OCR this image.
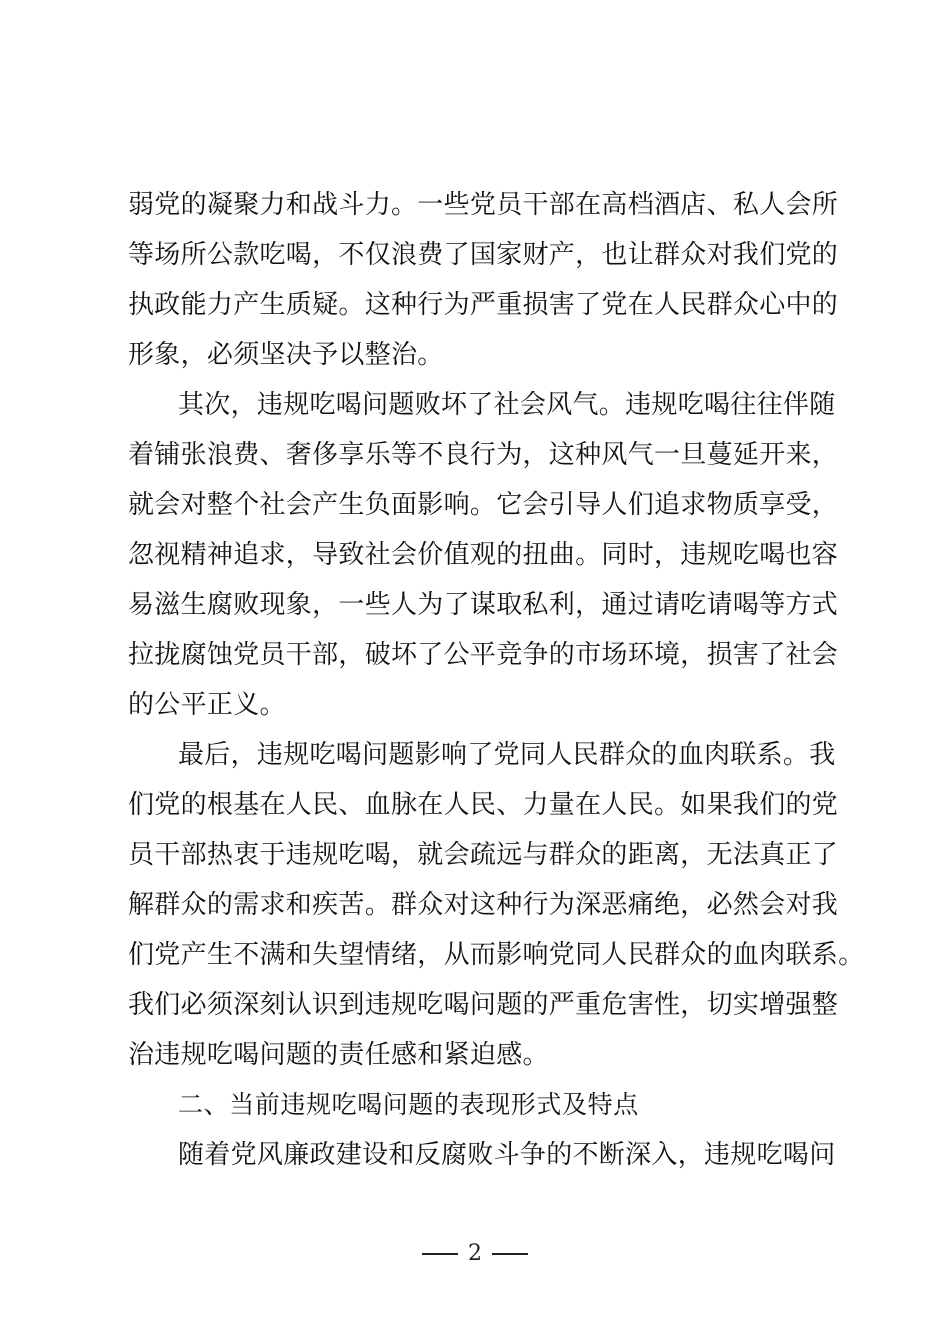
弱党的凝聚力和战斗力。一些党员干部在高档酒店、私人会所
等场所公款吃喝，不仅浪费了国家财产，也让群众对我们党的
执政能力产生质疑。这种行为严重损害了党在人民群众心中的
形象，必须坚决予以整治。
其次，违规吃喝问题败坏了社会风气。违规吃喝往往伴随
着铺张浪费、奢侈享乐等不良行为，这种风气一旦蔓延开来，
就会对整个社会产生负面影响。它会引导人们追求物质享受，
忽视精神追求，导致社会价值观的扭曲。同时，违规吃喝也容
易滋生腐败现象，一些人为了谋取私利，通过请吃请喝等方式
拉拢腐蚀党员干部，破坏了公平竞争的市场环境，损害了社会
的公平正义。
最后，违规吃喝问题影响了党同人民群众的血肉联系。我
们党的根基在人民、血脉在人民、力量在人民。如果我们的党
员干部热衷于违规吃喝，就会疏远与群众的距离，无法真正了
解群众的需求和疾苦。群众对这种行为深恶痛绝，必然会对我
们党产生不满和失望情绪，从而影响党同人民群众的血肉联系。
我们必须深刻认识到违规吃喝问题的严重危害性，切实增强整
治违规吃喝问题的责任感和紧迫感。
二、当前违规吃喝问题的表现形式及特点
随着党风廉政建设和反腐败斗争的不断深入，违规吃喝问
2
